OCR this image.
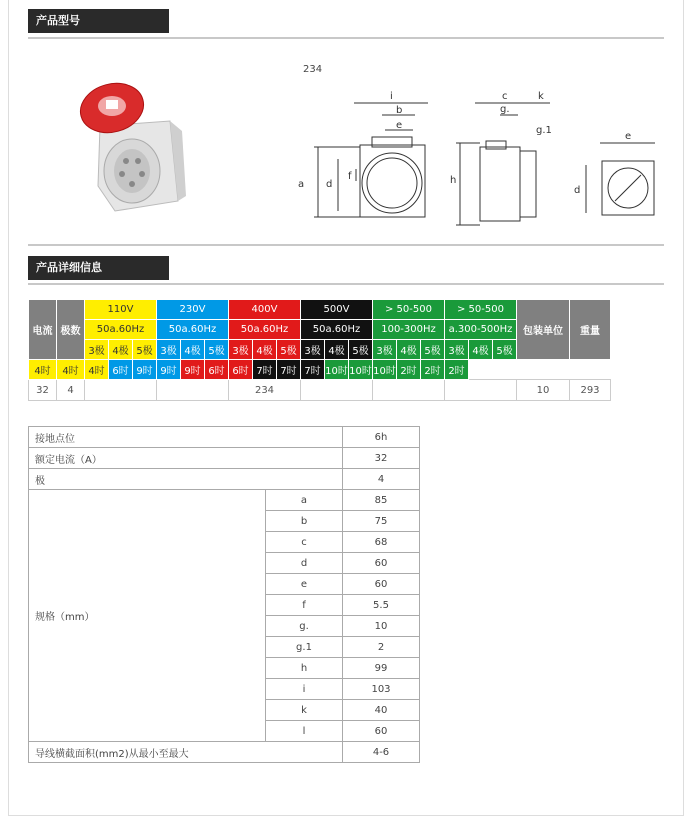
产品型号
234
i
b
e
a d
f
c
g.
k
g.1
h
e
d
产品详细信息
电流	极数	110V			230V			400V			500V			> 50-500			> 50-500			包装单位	重量
		50a.60Hz			50a.60Hz			50a.60Hz			50a.60Hz			100-300Hz			a.300-500Hz				
		3极	4极	5极	3极	4极	5极	3极	4极	5极	3极	4极	5极	3极	4极	5极	3极	4极	5极		
4时	4时	4时	6时	9时	9时	9时	6时	6时	7时	7时	7时	10时	10时	10时	2时	2时	2时				
32	4							234												10	293
接地点位		6h
额定电流（A）		32
极		4
规格（mm）	a	85
	b	75
	c	68
	d	60
	e	60
	f	5.5
	g.	10
	g.1	2
	h	99
	i	103
	k	40
	l	60
导线横截面积(mm2)从最小至最大		4-6
